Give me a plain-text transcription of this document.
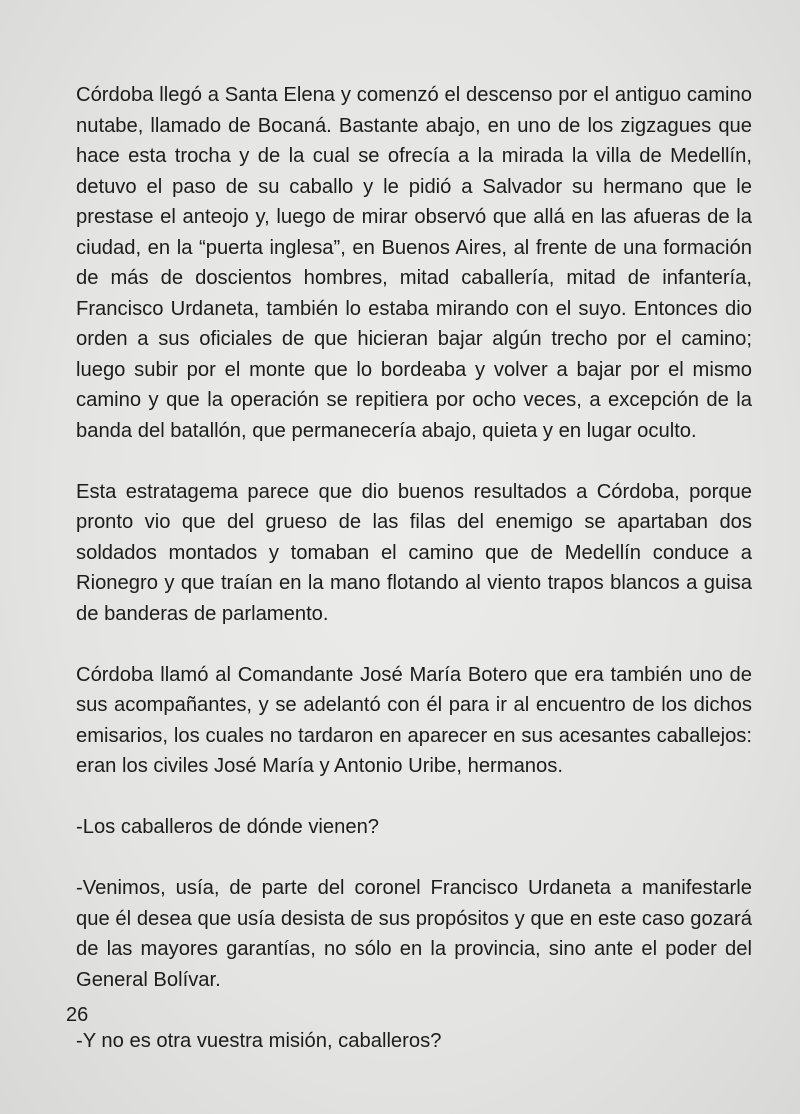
Córdoba llegó a Santa Elena y comenzó el descenso por el antiguo camino nutabe, llamado de Bocaná. Bastante abajo, en uno de los zigzagues que hace esta trocha y de la cual se ofrecía a la mirada la villa de Medellín, detuvo el paso de su caballo y le pidió a Salvador su hermano que le prestase el anteojo y, luego de mirar observó que allá en las afueras de la ciudad, en la “puerta inglesa”, en Buenos Aires, al frente de una formación de más de doscientos hombres, mitad caballería, mitad de infantería, Francisco Urdaneta, también lo estaba mirando con el suyo. Entonces dio orden a sus oficiales de que hicieran bajar algún trecho por el camino; luego subir por el monte que lo bordeaba y volver a bajar por el mismo camino y que la operación se repitiera por ocho veces, a excepción de la banda del batallón, que permanecería abajo, quieta y en lugar oculto.

Esta estratagema parece que dio buenos resultados a Córdoba, porque pronto vio que del grueso de las filas del enemigo se apartaban dos soldados montados y tomaban el camino que de Medellín conduce a Rionegro y que traían en la mano flotando al viento trapos blancos a guisa de banderas de parlamento.

Córdoba llamó al Comandante José María Botero que era también uno de sus acompañantes, y se adelantó con él para ir al encuentro de los dichos emisarios, los cuales no tardaron en aparecer en sus acesantes caballejos: eran los civiles José María y Antonio Uribe, hermanos.

-Los caballeros de dónde vienen?

-Venimos, usía, de parte del coronel Francisco Urdaneta a manifestarle que él desea que usía desista de sus propósitos y que en este caso gozará de las mayores garantías, no sólo en la provincia, sino ante el poder del General Bolívar.

-Y no es otra vuestra misión, caballeros?

26
